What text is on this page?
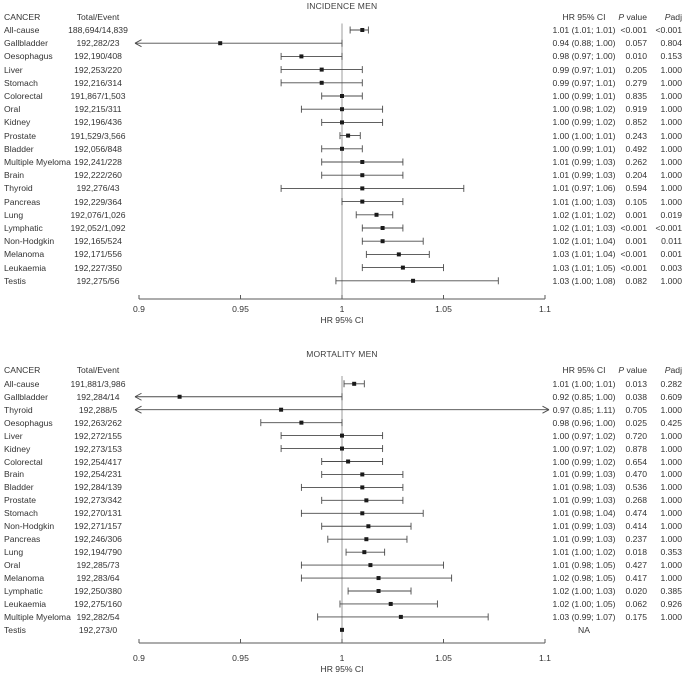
INCIDENCE MEN
CANCER	Total/Event	HR 95% CI	P value	Padj
All-cause	188,694/14,839	1.01 (1.01; 1.01) <0.001 <0.001
Gallbladder	192,282/23	0.94 (0.88; 1.00)	0.057	0.804
Oesophagus	192,190/408	0.98 (0.97; 1.00)	0.010	0.153
Liver	192,253/220	0.99 (0.97; 1.01)	0.205	1.000
Stomach	192,216/314	0.99 (0.97; 1.01)	0.279	1.000
Colorectal	191,867/1,503	1.00 (0.99; 1.01)	0.835	1.000
Oral	192,215/311	1.00 (0.98; 1.02)	0.919	1.000
Kidney	192,196/436	1.00 (0.99; 1.02)	0.852	1.000
Prostate	191,529/3,566	1.00 (1.00; 1.01)	0.243	1.000
Bladder	192,056/848	1.00 (0.99; 1.01)	0.492	1.000
Multiple Myeloma 192,241/228	1.01 (0.99; 1.03)	0.262	1.000
Brain	192,222/260	1.01 (0.99; 1.03)	0.204	1.000
Thyroid	192,276/43	1.01 (0.97; 1.06)	0.594	1.000
Pancreas	192,229/364	1.01 (1.00; 1.03)	0.105	1.000
Lung	192,076/1,026	1.02 (1.01; 1.02)	0.001	0.019
Lymphatic	192,052/1,092	1.02 (1.01; 1.03) <0.001 <0.001
Non-Hodgkin	192,165/524	1.02 (1.01; 1.04)	0.001	0.011
Melanoma	192,171/556	1.03 (1.01; 1.04) <0.001	0.001
Leukaemia	192,227/350	1.03 (1.01; 1.05) <0.001	0.003
Testis	192,275/56	1.03 (1.00; 1.08)	0.082	1.000
0.9	0.95	1	1.05	1.1
HR 95% CI
MORTALITY MEN
CANCER	Total/Event	HR 95% CI	P value	Padj
All-cause	191,881/3,986	1.01 (1.00; 1.01)	0.013	0.282
Gallbladder	192,284/14	0.92 (0.85; 1.00)	0.038	0.609
Thyroid	192,288/5	0.97 (0.85; 1.11)	0.705	1.000
Oesophagus	192,263/262	0.98 (0.96; 1.00)	0.025	0.425
Liver	192,272/155	1.00 (0.97; 1.02)	0.720	1.000
Kidney	192,273/153	1.00 (0.97; 1.02)	0.878	1.000
Colorectal	192,254/417	1.00 (0.99; 1.02)	0.654	1.000
Brain	192,254/231	1.01 (0.99; 1.03)	0.470	1.000
Bladder	192,284/139	1.01 (0.98; 1.03)	0.536	1.000
Prostate	192,273/342	1.01 (0.99; 1.03)	0.268	1.000
Stomach	192,270/131	1.01 (0.98; 1.04)	0.474	1.000
Non-Hodgkin	192,271/157	1.01 (0.99; 1.03)	0.414	1.000
Pancreas	192,246/306	1.01 (0.99; 1.03)	0.237	1.000
Lung	192,194/790	1.01 (1.00; 1.02)	0.018	0.353
Oral	192,285/73	1.01 (0.98; 1.05)	0.427	1.000
Melanoma	192,283/64	1.02 (0.98; 1.05)	0.417	1.000
Lymphatic	192,250/380	1.02 (1.00; 1.03)	0.020	0.385
Leukaemia	192,275/160	1.02 (1.00; 1.05)	0.062	0.926
Multiple Myeloma 192,282/54	1.03 (0.99; 1.07)	0.175	1.000
Testis	192,273/0	NA
0.9	0.95	1	1.05	1.1
HR 95% CI
